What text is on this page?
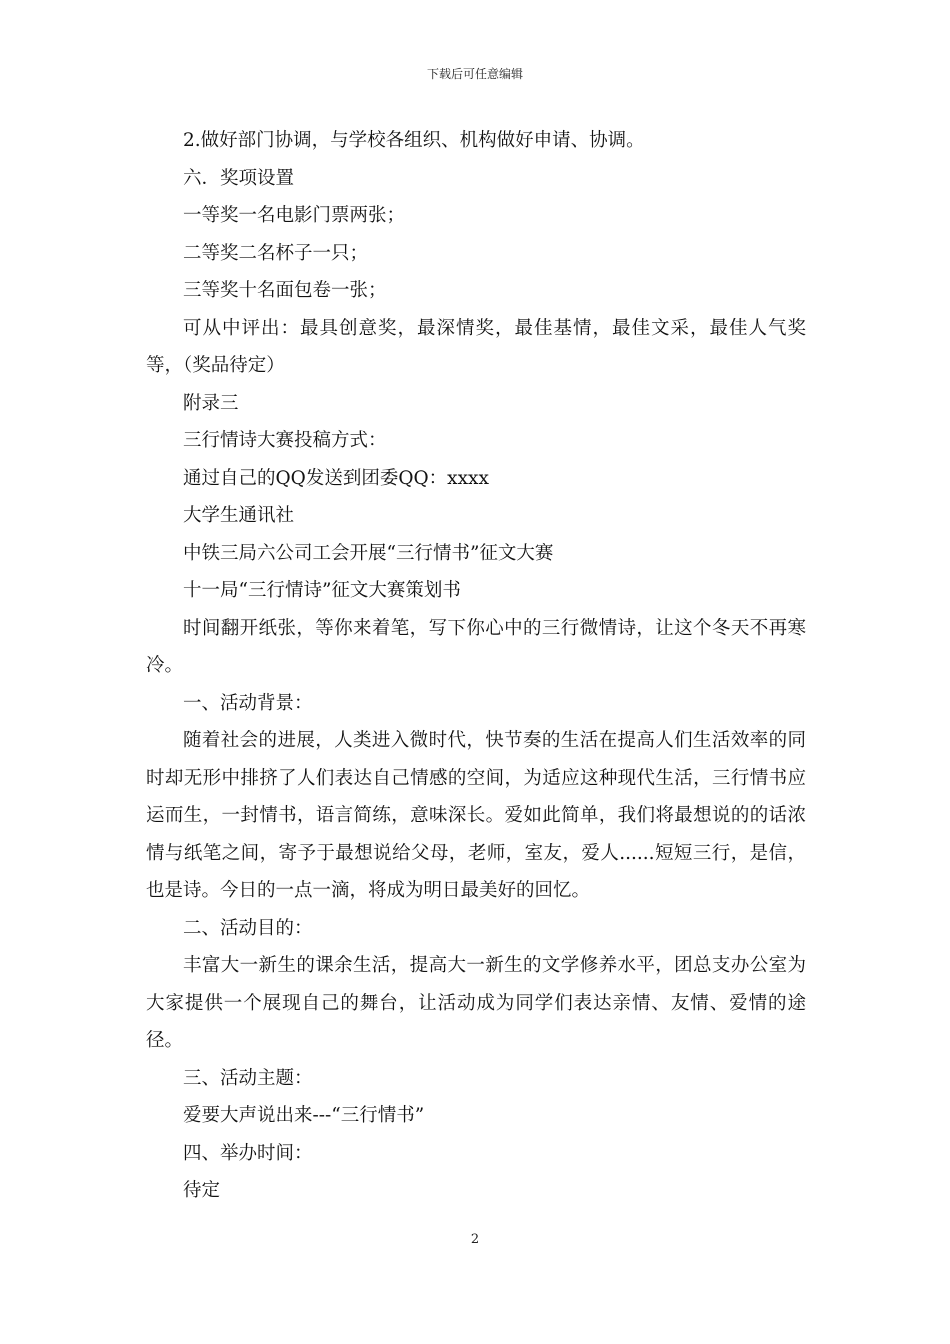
下载后可任意编辑

2.做好部门协调，与学校各组织、机构做好申请、协调。

六．奖项设置

一等奖一名电影门票两张；

二等奖二名杯子一只；

三等奖十名面包卷一张；

可从中评出：最具创意奖，最深情奖，最佳基情，最佳文采，最佳人气奖等，（奖品待定）

附录三

三行情诗大赛投稿方式：

通过自己的QQ发送到团委QQ：xxxx

大学生通讯社

中铁三局六公司工会开展“三行情书”征文大赛

十一局“三行情诗”征文大赛策划书

时间翻开纸张，等你来着笔，写下你心中的三行微情诗，让这个冬天不再寒冷。

一、活动背景：

随着社会的进展，人类进入微时代，快节奏的生活在提高人们生活效率的同时却无形中排挤了人们表达自己情感的空间，为适应这种现代生活，三行情书应运而生，一封情书，语言简练，意味深长。爱如此简单，我们将最想说的的话浓情与纸笔之间，寄予于最想说给父母，老师，室友，爱人......短短三行，是信，也是诗。今日的一点一滴，将成为明日最美好的回忆。

二、活动目的：

丰富大一新生的课余生活，提高大一新生的文学修养水平，团总支办公室为大家提供一个展现自己的舞台，让活动成为同学们表达亲情、友情、爱情的途径。

三、活动主题：

爱要大声说出来---“三行情书”

四、举办时间：

待定

2
